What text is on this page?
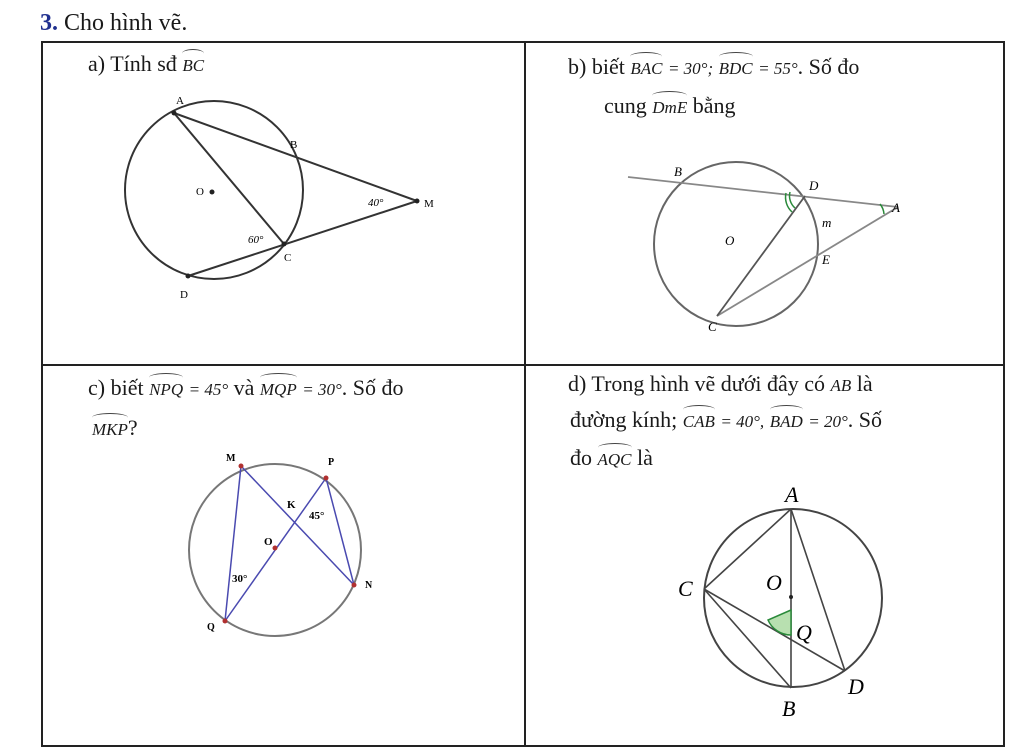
3. Cho hình vẽ.
a) Tính sđ BC
A
B
O
M
C
D
40°
60°
b) biết BAC = 30°; BDC = 55°. Số đo
cung DmE bằng
B
D
A
m
O
E
C
c) biết NPQ = 45° và MQP = 30°. Số đo
MKP?
M	P
K
O
N
Q
45°
30°
d) Trong hình vẽ dưới đây có AB là
đường kính; CAB = 40°, BAD = 20°. Số
đo AQC là
A
C	O
Q
D
B
